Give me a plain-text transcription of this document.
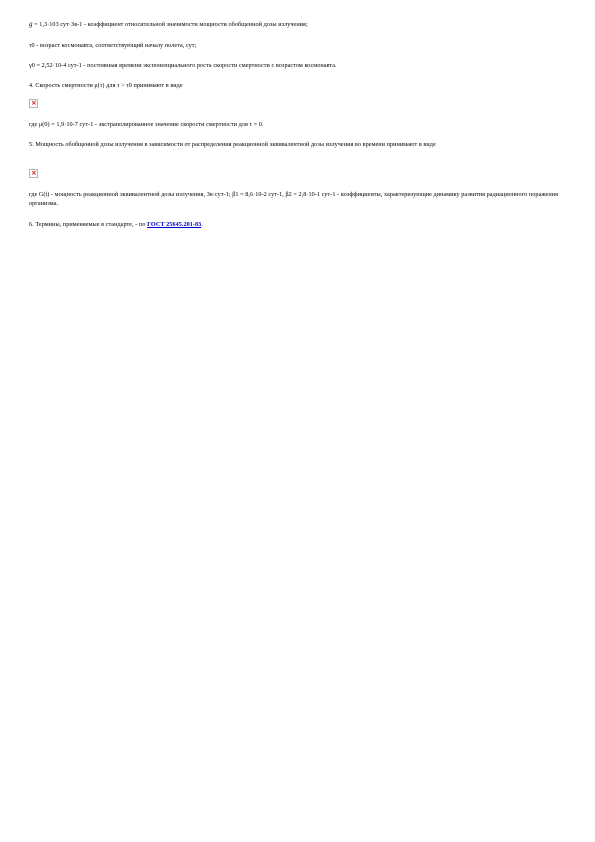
g = 1,3·103 сут·Зв-1 - коэффициент относительной значимости мощности обобщенной дозы излучения;
τ0 - возраст космонавта, соответствующий началу полета, сут;
γ0 = 2,52·10-4 сут-1 - постоянная времени экспоненциального роста скорости смертности с возрастом космонавта.
4. Скорость смертности μ(τ) для τ > τ0 принимают в виде
×
где μ(0) = 1,9·10-7 сут-1 - экстраполированное значение скорости смертности для τ = 0.
5. Мощность обобщенной дозы излучения в зависимости от распределения реакционной эквивалентной дозы излучения во времени принимают в виде
×
где G(t) - мощность реакционной эквивалентной дозы излучения, Зв·сут-1; β1 = 8,6·10-2 сут-1, β2 = 2,8·10-1 сут-1 - коэффициенты, характеризующие динамику развития радиационного поражения организма.
6. Термины, применяемые в стандарте, - по ГОСТ 25645.201-83.
